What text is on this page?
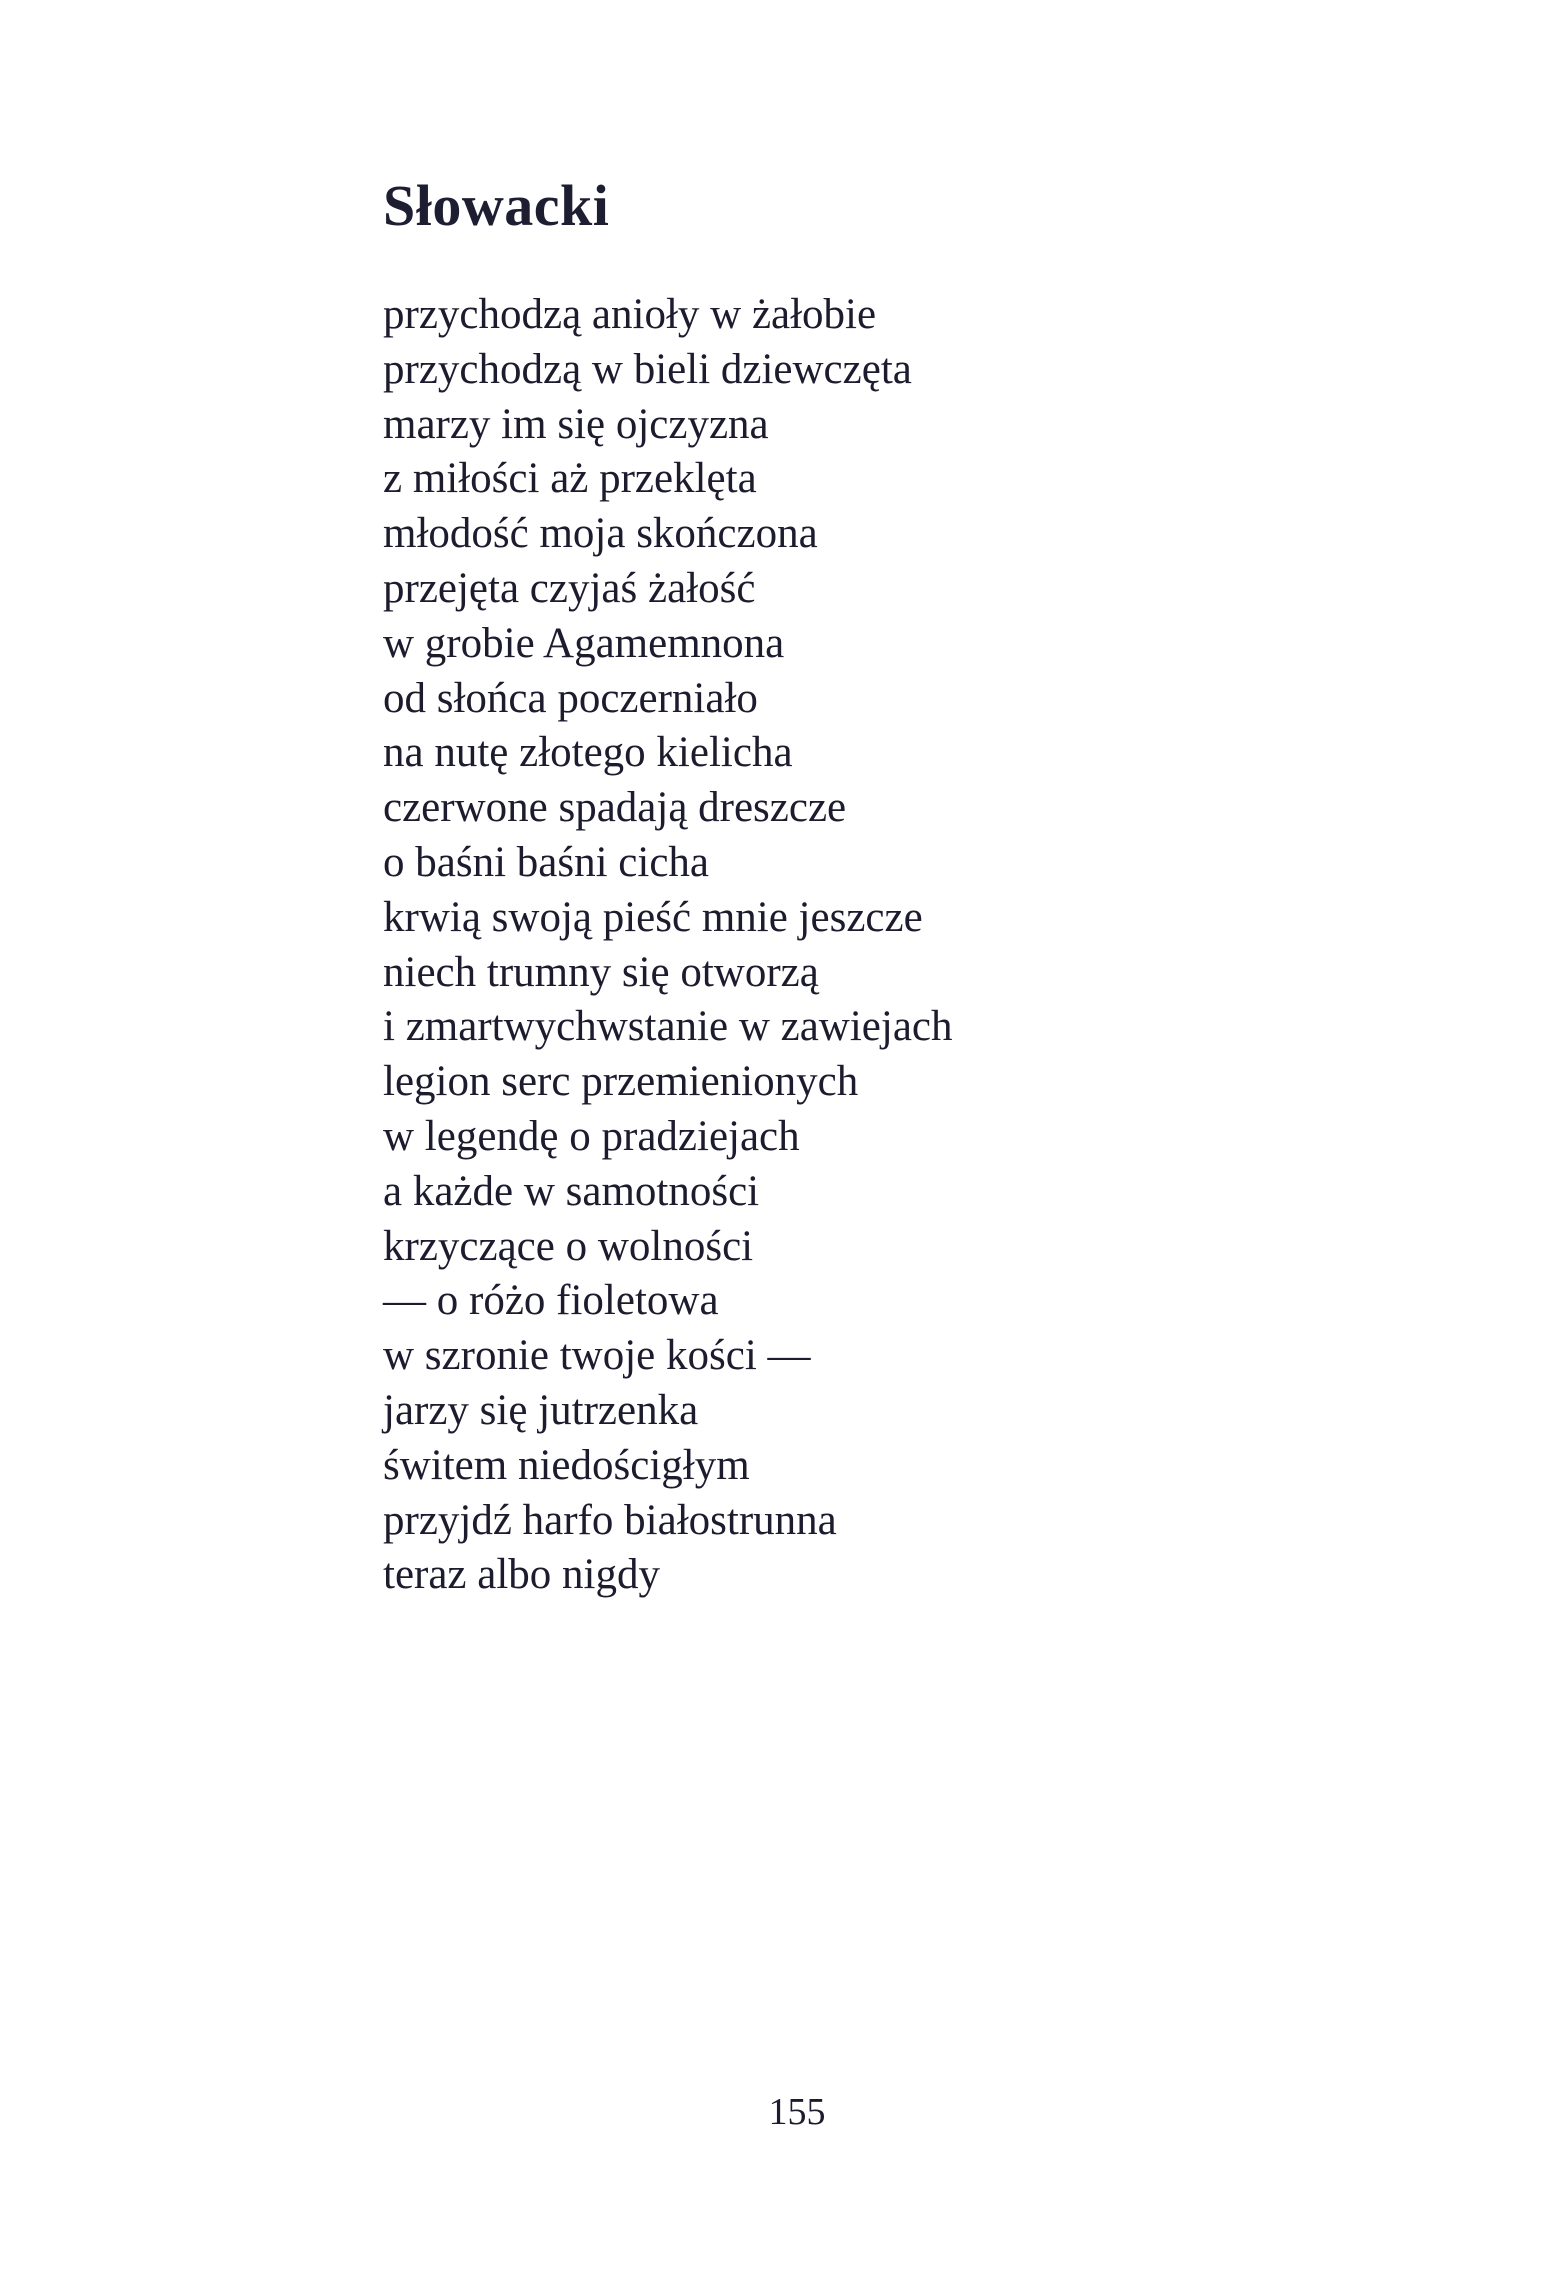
Słowacki
przychodzą anioły w żałobie
przychodzą w bieli dziewczęta
marzy im się ojczyzna
z miłości aż przeklęta
młodość moja skończona
przejęta czyjaś żałość
w grobie Agamemnona
od słońca poczerniało
na nutę złotego kielicha
czerwone spadają dreszcze
o baśni baśni cicha
krwią swoją pieść mnie jeszcze
niech trumny się otworzą
i zmartwychwstanie w zawiejach
legion serc przemienionych
w legendę o pradziejach
a każde w samotności
krzyczące o wolności
— o różo fioletowa
w szronie twoje kości —
jarzy się jutrzenka
świtem niedościgłym
przyjdź harfo białostrunna
teraz albo nigdy
155
